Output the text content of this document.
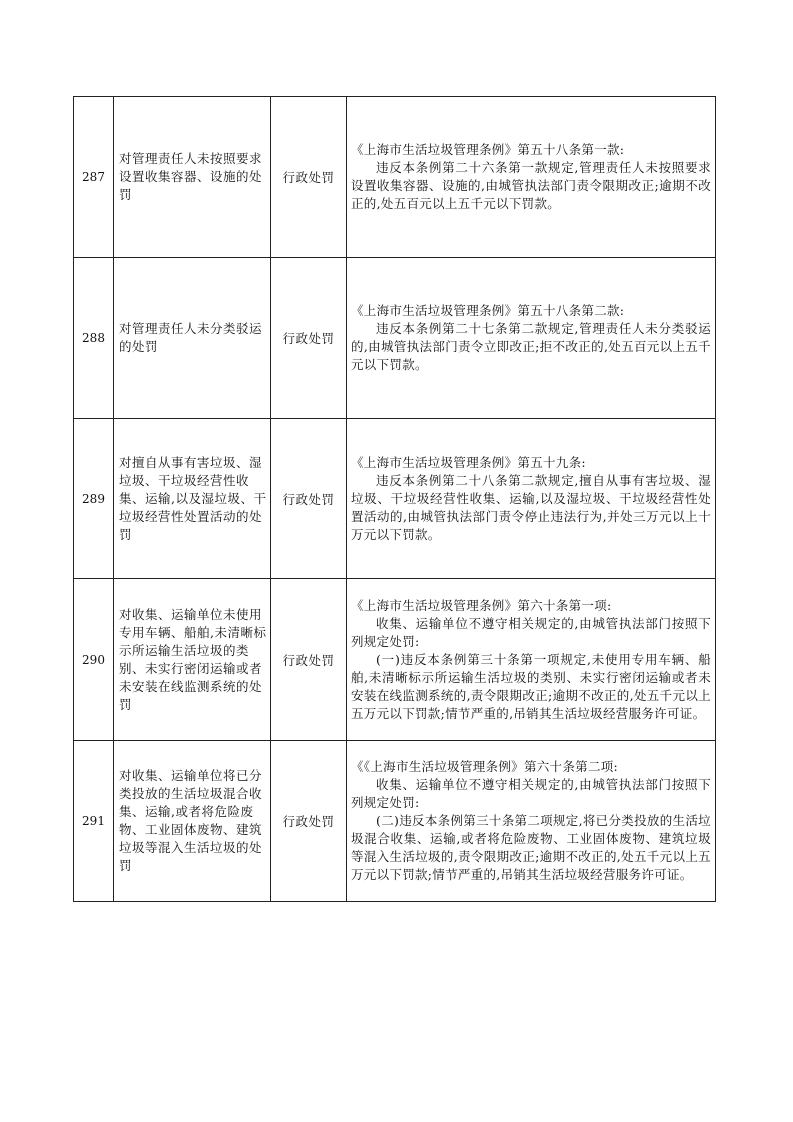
287	对管理责任人未按照要求设置收集容器、设施的处罚	行政处罚	《上海市生活垃圾管理条例》第五十八条第一款:
违反本条例第二十六条第一款规定,管理责任人未按照要求设置收集容器、设施的,由城管执法部门责令限期改正;逾期不改正的,处五百元以上五千元以下罚款。

288	对管理责任人未分类驳运的处罚	行政处罚	《上海市生活垃圾管理条例》第五十八条第二款:
违反本条例第二十七条第二款规定,管理责任人未分类驳运的,由城管执法部门责令立即改正;拒不改正的,处五百元以上五千元以下罚款。

289	对擅自从事有害垃圾、湿垃圾、干垃圾经营性收集、运输,以及湿垃圾、干垃圾经营性处置活动的处罚	行政处罚	《上海市生活垃圾管理条例》第五十九条:
违反本条例第二十八条第二款规定,擅自从事有害垃圾、湿垃圾、干垃圾经营性收集、运输,以及湿垃圾、干垃圾经营性处置活动的,由城管执法部门责令停止违法行为,并处三万元以上十万元以下罚款。

290	对收集、运输单位未使用专用车辆、船舶,未清晰标示所运输生活垃圾的类别、未实行密闭运输或者未安装在线监测系统的处罚	行政处罚	《上海市生活垃圾管理条例》第六十条第一项:
收集、运输单位不遵守相关规定的,由城管执法部门按照下列规定处罚:
(一)违反本条例第三十条第一项规定,未使用专用车辆、船舶,未清晰标示所运输生活垃圾的类别、未实行密闭运输或者未安装在线监测系统的,责令限期改正;逾期不改正的,处五千元以上五万元以下罚款;情节严重的,吊销其生活垃圾经营服务许可证。

291	对收集、运输单位将已分类投放的生活垃圾混合收集、运输,或者将危险废物、工业固体废物、建筑垃圾等混入生活垃圾的处罚	行政处罚	《《上海市生活垃圾管理条例》第六十条第二项:
收集、运输单位不遵守相关规定的,由城管执法部门按照下列规定处罚:
(二)违反本条例第三十条第二项规定,将已分类投放的生活垃圾混合收集、运输,或者将危险废物、工业固体废物、建筑垃圾等混入生活垃圾的,责令限期改正;逾期不改正的,处五千元以上五万元以下罚款;情节严重的,吊销其生活垃圾经营服务许可证。
